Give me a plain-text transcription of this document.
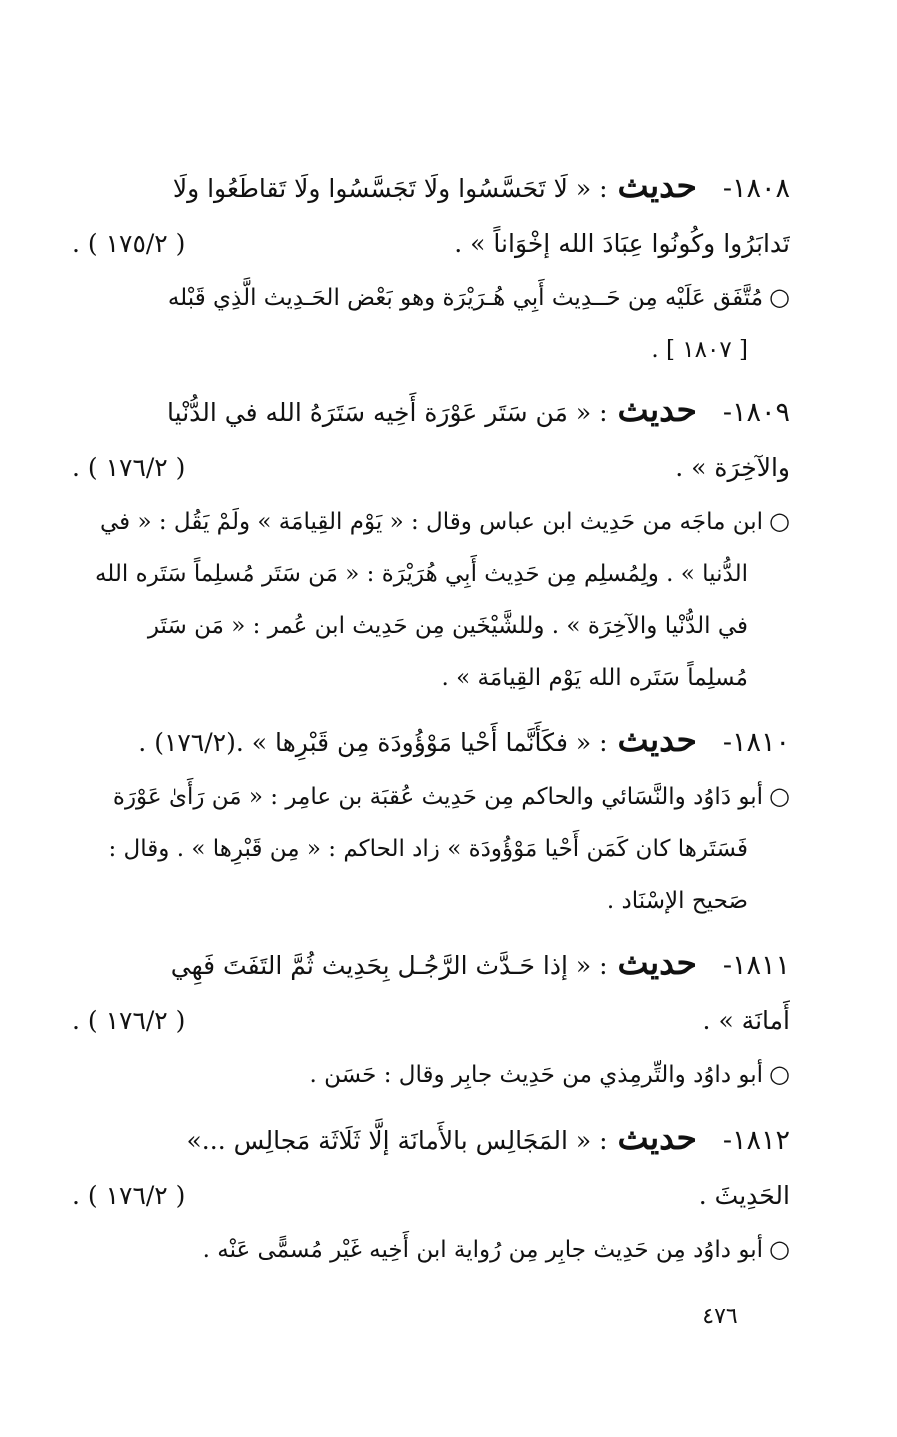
١٨٠٨-حديث: « لَا تَحَسَّسُوا ولَا تَجَسَّسُوا ولَا تَقاطَعُوا ولَا
تَدابَرُوا وكُونُوا عِبَادَ الله إخْوَاناً » .
( ١٧٥/٢ ) .
○مُتَّفَق عَلَيْه مِن حَــدِيث أَبِي هُـرَيْرَة وهو بَعْض الحَـدِيث الَّذِي قَبْله
[ ١٨٠٧ ] .
١٨٠٩-حديث: « مَن سَتَر عَوْرَة أَخِيه سَتَرَهُ الله في الدُّنْيا
والآخِرَة » .
( ١٧٦/٢ ) .
○ابن ماجَه من حَدِيث ابن عباس وقال : « يَوْم القِيامَة » ولَمْ يَقُل : « في
الدُّنيا » . ولِمُسلِم مِن حَدِيث أَبِي هُرَيْرَة : « مَن سَتَر مُسلِماً سَتَره الله
في الدُّنْيا والآخِرَة » . وللشَّيْخَين مِن حَدِيث ابن عُمر : « مَن سَتَر
مُسلِماً سَتَره الله يَوْم القِيامَة » .
١٨١٠-حديث: « فكَأَنَّما أَحْيا مَوْؤُودَة مِن قَبْرِها » .(١٧٦/٢) .
○أبو دَاوُد والنَّسَائي والحاكم مِن حَدِيث عُقبَة بن عامِر : « مَن رَأَىٰ عَوْرَة
فَسَتَرها كان كَمَن أَحْيا مَوْؤُودَة » زاد الحاكم : « مِن قَبْرِها » . وقال :
صَحيح الإسْنَاد .
١٨١١-حديث: « إذا حَـدَّث الرَّجُـل بِحَدِيث ثُمَّ التَفَتَ فَهِي
أَمانَة » .
( ١٧٦/٢ ) .
○أبو داوُد والتِّرمِذي من حَدِيث جابِر وقال : حَسَن .
١٨١٢-حديث: « المَجَالِس بالأَمانَة إلَّا ثَلَاثَة مَجالِس ...»
الحَدِيثَ .
( ١٧٦/٢ ) .
○أبو داوُد مِن حَدِيث جابِر مِن رُواية ابن أَخِيه غَيْر مُسمًّى عَنْه .
٤٧٦
